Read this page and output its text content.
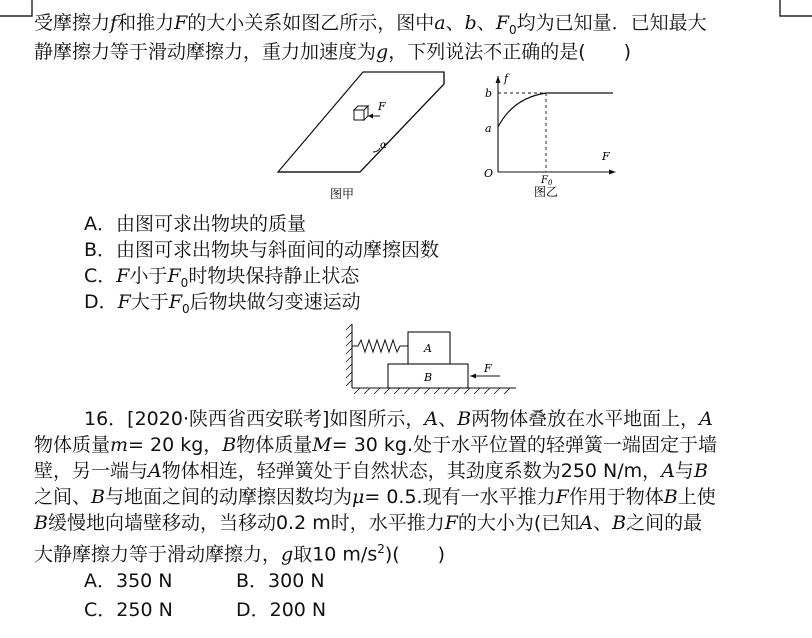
受摩擦力f和推力F的大小关系如图乙所示，图中a、b、$F_0$均为已知量．已知最大
静摩擦力等于滑动摩擦力，重力加速度为g，下列说法不正确的是(　　)
F
α
图甲
f
b
a
O
F
$F_0$
图乙
A．由图可求出物块的质量
B．由图可求出物块与斜面间的动摩擦因数
C．F小于$F_0$时物块保持静止状态
D．F大于$F_0$后物块做匀变速运动
A
B
F
16．[2020·陕西省西安联考]如图所示，A、B两物体叠放在水平地面上，A
物体质量m= 20 kg，B物体质量M= 30 kg.处于水平位置的轻弹簧一端固定于墙
壁，另一端与A物体相连，轻弹簧处于自然状态，其劲度系数为250 N/m，A与B
之间、B与地面之间的动摩擦因数均为μ= 0.5.现有一水平推力F作用于物体B上使
B缓慢地向墙壁移动，当移动0.2 m时，水平推力F的大小为(已知A、B之间的最
大静摩擦力等于滑动摩擦力，g取10 $m/s^2$)(　　)
A．350 N	B．300 N
C．250 N	D．200 N
